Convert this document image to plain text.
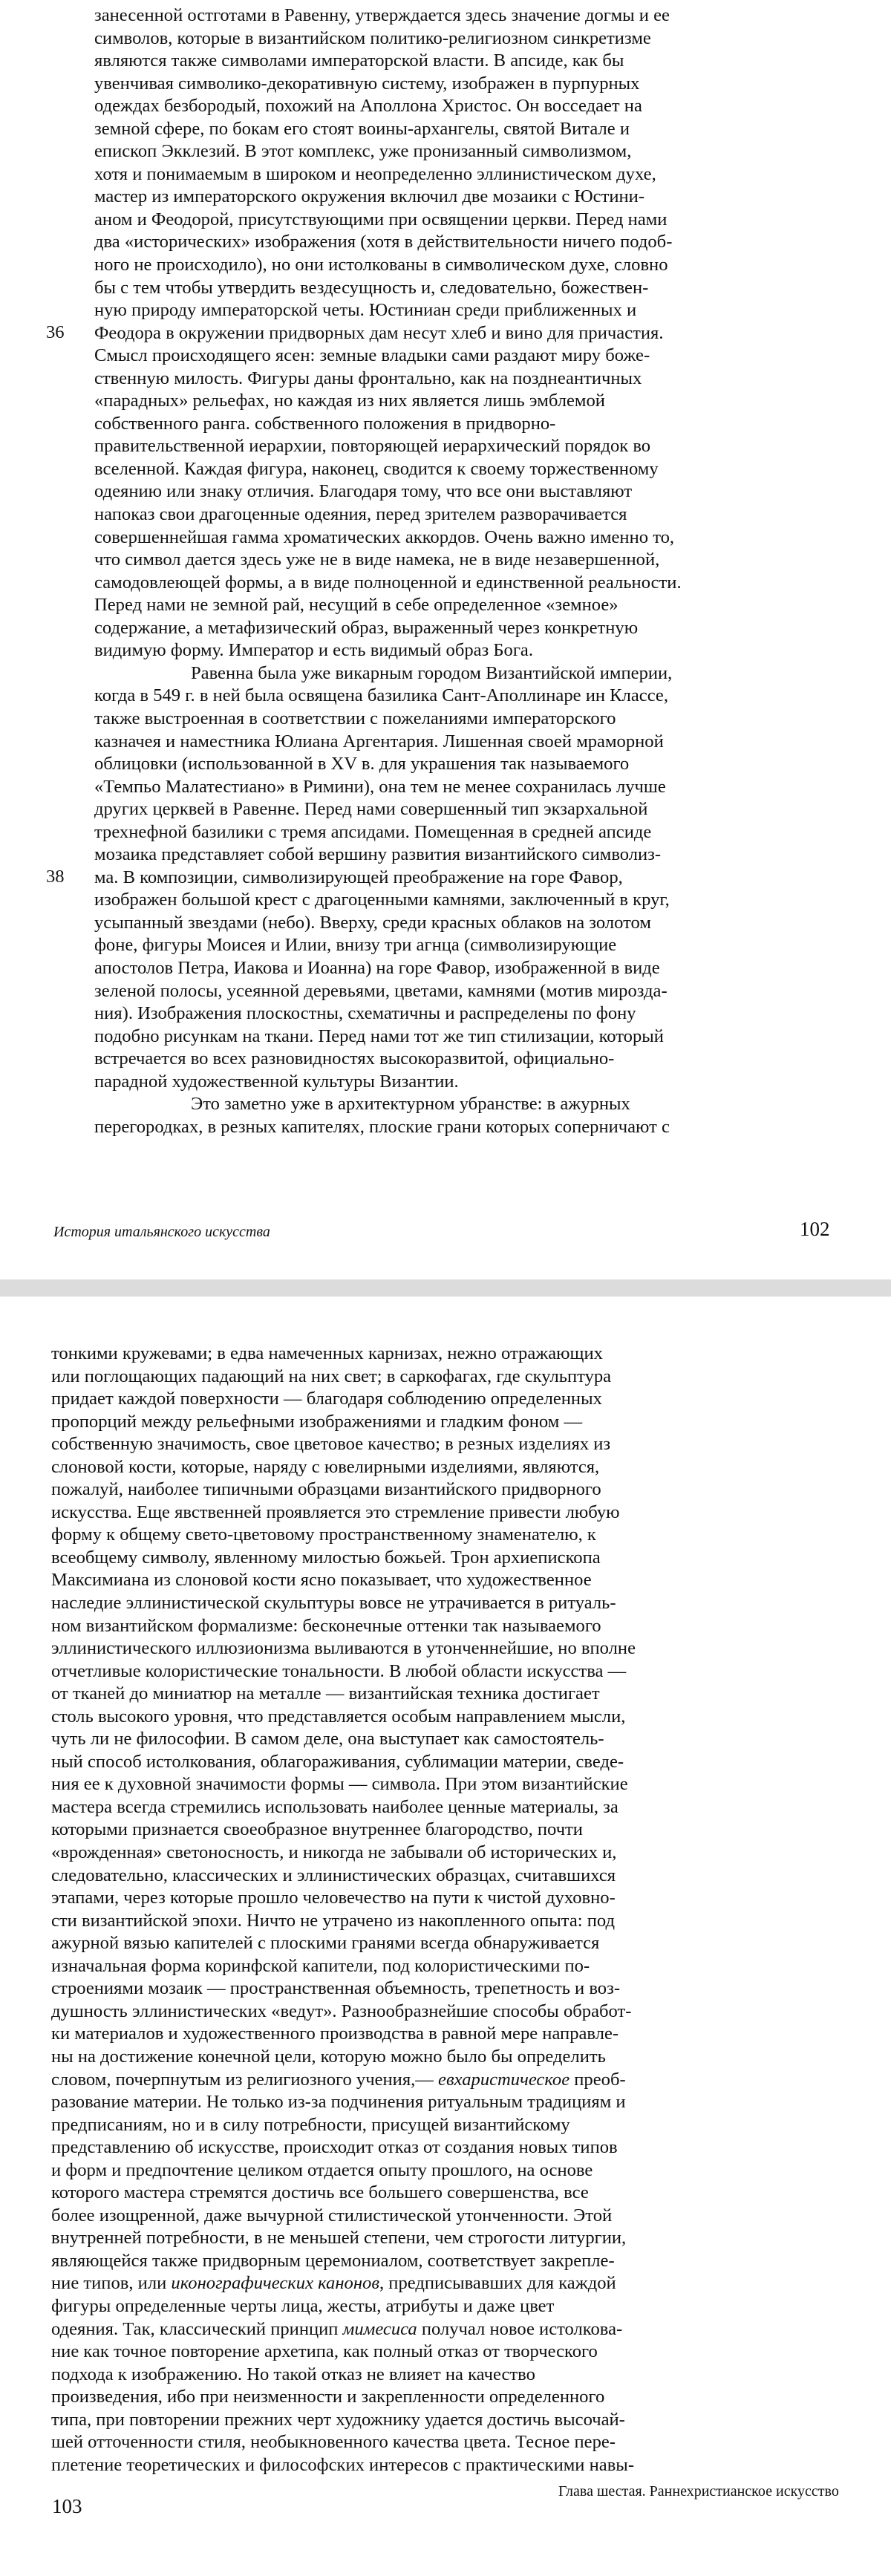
занесенной остготами в Равенну, утверждается здесь значение догмы и ее
символов, которые в византийском политико-религиозном синкретизме
являются также символами императорской власти. В апсиде, как бы
увенчивая символико-декоративную систему, изображен в пурпурных
одеждах безбородый, похожий на Аполлона Христос. Он восседает на
земной сфере, по бокам его стоят воины-архангелы, святой Витале и
епископ Экклезий. В этот комплекс, уже пронизанный символизмом,
хотя и понимаемым в широком и неопределенно эллинистическом духе,
мастер из императорского окружения включил две мозаики с Юстини-
аном и Феодорой, присутствующими при освящении церкви. Перед нами
два «исторических» изображения (хотя в действительности ничего подоб-
ного не происходило), но они истолкованы в символическом духе, словно
бы с тем чтобы утвердить вездесущность и, следовательно, божествен-
ную природу императорской четы. Юстиниан среди приближенных и
Феодора в окружении придворных дам несут хлеб и вино для причастия.
Смысл происходящего ясен: земные владыки сами раздают миру боже-
ственную милость. Фигуры даны фронтально, как на позднеантичных
«парадных» рельефах, но каждая из них является лишь эмблемой
собственного ранга. собственного положения в придворно-
правительственной иерархии, повторяющей иерархический порядок во
вселенной. Каждая фигура, наконец, сводится к своему торжественному
одеянию или знаку отличия. Благодаря тому, что все они выставляют
напоказ свои драгоценные одеяния, перед зрителем разворачивается
совершеннейшая гамма хроматических аккордов. Очень важно именно то,
что символ дается здесь уже не в виде намека, не в виде незавершенной,
самодовлеющей формы, а в виде полноценной и единственной реальности.
Перед нами не земной рай, несущий в себе определенное «земное»
содержание, а метафизический образ, выраженный через конкретную
видимую форму. Император и есть видимый образ Бога.
Равенна была уже викарным городом Византийской империи,
когда в 549 г. в ней была освящена базилика Сант-Аполлинаре ин Классе,
также выстроенная в соответствии с пожеланиями императорского
казначея и наместника Юлиана Аргентария. Лишенная своей мраморной
облицовки (использованной в XV в. для украшения так называемого
«Темпьо Малатестиано» в Римини), она тем не менее сохранилась лучше
других церквей в Равенне. Перед нами совершенный тип экзархальной
трехнефной базилики с тремя апсидами. Помещенная в средней апсиде
мозаика представляет собой вершину развития византийского символиз-
ма. В композиции, символизирующей преображение на горе Фавор,
изображен большой крест с драгоценными камнями, заключенный в круг,
усыпанный звездами (небо). Вверху, среди красных облаков на золотом
фоне, фигуры Моисея и Илии, внизу три агнца (символизирующие
апостолов Петра, Иакова и Иоанна) на горе Фавор, изображенной в виде
зеленой полосы, усеянной деревьями, цветами, камнями (мотив мирозда-
ния). Изображения плоскостны, схематичны и распределены по фону
подобно рисункам на ткани. Перед нами тот же тип стилизации, который
встречается во всех разновидностях высокоразвитой, официально-
парадной художественной культуры Византии.
Это заметно уже в архитектурном убранстве: в ажурных
перегородках, в резных капителях, плоские грани которых соперничают с
36
38
История итальянского искусства	102
тонкими кружевами; в едва намеченных карнизах, нежно отражающих
или поглощающих падающий на них свет; в саркофагах, где скульптура
придает каждой поверхности — благодаря соблюдению определенных
пропорций между рельефными изображениями и гладким фоном —
собственную значимость, свое цветовое качество; в резных изделиях из
слоновой кости, которые, наряду с ювелирными изделиями, являются,
пожалуй, наиболее типичными образцами византийского придворного
искусства. Еще явственней проявляется это стремление привести любую
форму к общему свето-цветовому пространственному знаменателю, к
всеобщему символу, явленному милостью божьей. Трон архиепископа
Максимиана из слоновой кости ясно показывает, что художественное
наследие эллинистической скульптуры вовсе не утрачивается в ритуаль-
ном византийском формализме: бесконечные оттенки так называемого
эллинистического иллюзионизма выливаются в утонченнейшие, но вполне
отчетливые колористические тональности. В любой области искусства —
от тканей до миниатюр на металле — византийская техника достигает
столь высокого уровня, что представляется особым направлением мысли,
чуть ли не философии. В самом деле, она выступает как самостоятель-
ный способ истолкования, облагораживания, сублимации материи, сведе-
ния ее к духовной значимости формы — символа. При этом византийские
мастера всегда стремились использовать наиболее ценные материалы, за
которыми признается своеобразное внутреннее благородство, почти
«врожденная» светоносность, и никогда не забывали об исторических и,
следовательно, классических и эллинистических образцах, считавшихся
этапами, через которые прошло человечество на пути к чистой духовно-
сти византийской эпохи. Ничто не утрачено из накопленного опыта: под
ажурной вязью капителей с плоскими гранями всегда обнаруживается
изначальная форма коринфской капители, под колористическими по-
строениями мозаик — пространственная объемность, трепетность и воз-
душность эллинистических «ведут». Разнообразнейшие способы обработ-
ки материалов и художественного производства в равной мере направле-
ны на достижение конечной цели, которую можно было бы определить
словом, почерпнутым из религиозного учения,— евхаристическое преоб-
разование материи. Не только из-за подчинения ритуальным традициям и
предписаниям, но и в силу потребности, присущей византийскому
представлению об искусстве, происходит отказ от создания новых типов
и форм и предпочтение целиком отдается опыту прошлого, на основе
которого мастера стремятся достичь все большего совершенства, все
более изощренной, даже вычурной стилистической утонченности. Этой
внутренней потребности, в не меньшей степени, чем строгости литургии,
являющейся также придворным церемониалом, соответствует закрепле-
ние типов, или иконографических канонов, предписывавших для каждой
фигуры определенные черты лица, жесты, атрибуты и даже цвет
одеяния. Так, классический принцип мимесиса получал новое истолкова-
ние как точное повторение архетипа, как полный отказ от творческого
подхода к изображению. Но такой отказ не влияет на качество
произведения, ибо при неизменности и закрепленности определенного
типа, при повторении прежних черт художнику удается достичь высочай-
шей отточенности стиля, необыкновенного качества цвета. Тесное пере-
плетение теоретических и философских интересов с практическими навы-
103
Глава шестая. Раннехристианское искусство
